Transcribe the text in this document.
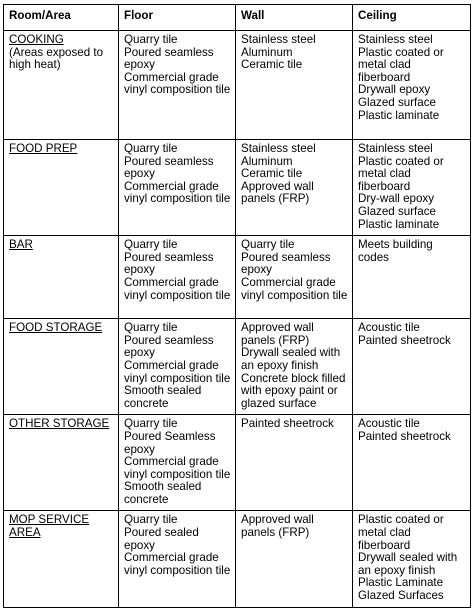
Room/Area	Floor	Wall	Ceiling

COOKING
(Areas exposed to high heat)	Quarry tile
Poured seamless epoxy
Commercial grade vinyl composition tile	Stainless steel
Aluminum
Ceramic tile	Stainless steel
Plastic coated or metal clad fiberboard
Drywall epoxy
Glazed surface
Plastic laminate

FOOD PREP	Quarry tile
Poured seamless epoxy
Commercial grade vinyl composition tile	Stainless steel
Aluminum
Ceramic tile
Approved wall panels (FRP)	Stainless steel
Plastic coated or metal clad fiberboard
Dry-wall epoxy
Glazed surface
Plastic laminate

BAR	Quarry tile
Poured seamless epoxy
Commercial grade vinyl composition tile	Quarry tile
Poured seamless epoxy
Commercial grade vinyl composition tile	Meets building codes

FOOD STORAGE	Quarry tile
Poured seamless epoxy
Commercial grade vinyl composition tile
Smooth sealed concrete	Approved wall panels (FRP)
Drywall sealed with an epoxy finish
Concrete block filled with epoxy paint or glazed surface	Acoustic tile
Painted sheetrock

OTHER STORAGE	Quarry tile
Poured Seamless epoxy
Commercial grade vinyl composition tile
Smooth sealed concrete	Painted sheetrock	Acoustic tile
Painted sheetrock

MOP SERVICE AREA	Quarry tile
Poured sealed epoxy
Commercial grade vinyl composition tile	Approved wall panels (FRP)	Plastic coated or metal clad fiberboard
Drywall sealed with an epoxy finish
Plastic Laminate
Glazed Surfaces
